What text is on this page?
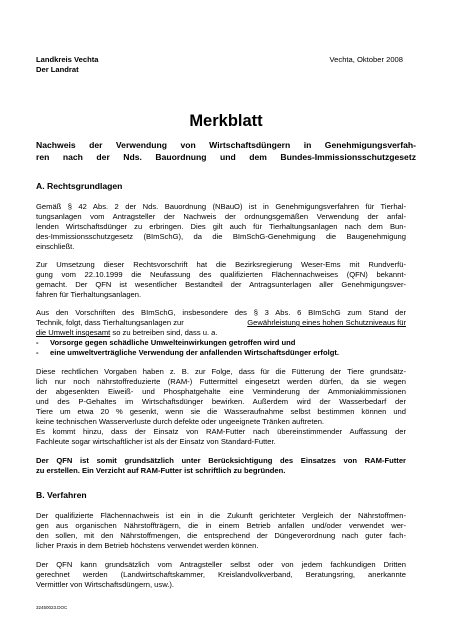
Landkreis Vechta
Der Landrat
Vechta, Oktober 2008
Merkblatt
Nachweis der Verwendung von Wirtschaftsdüngern in Genehmigungsverfah-
ren nach der Nds. Bauordnung und dem Bundes-Immissionsschutzgesetz
A. Rechtsgrundlagen
Gemäß § 42 Abs. 2 der Nds. Bauordnung (NBauO) ist in Genehmigungsverfahren für Tierhal-
tungsanlagen vom Antragsteller der Nachweis der ordnungsgemäßen Verwendung der anfal-
lenden Wirtschaftsdünger zu erbringen. Dies gilt auch für Tierhaltungsanlagen nach dem Bun-
des-Immissionsschutzgesetz (BImSchG), da die BImSchG-Genehmigung die Baugenehmigung
einschließt.
Zur Umsetzung dieser Rechtsvorschrift hat die Bezirksregierung Weser-Ems mit Rundverfü-
gung vom 22.10.1999 die Neufassung des qualifizierten Flächennachweises (QFN) bekannt-
gemacht. Der QFN ist wesentlicher Bestandteil der Antragsunterlagen aller Genehmigungsver-
fahren für Tierhaltungsanlagen.
Aus den Vorschriften des BImSchG, insbesondere des § 3 Abs. 6 BImSchG zum Stand der
Technik, folgt, dass Tierhaltungsanlagen zur	Gewährleistung eines hohen Schutzniveaus für
die Umwelt insgesamt so zu betreiben sind, dass u. a.
- Vorsorge gegen schädliche Umwelteinwirkungen getroffen wird und
- eine umweltverträgliche Verwendung der anfallenden Wirtschaftsdünger erfolgt.
Diese rechtlichen Vorgaben haben z. B. zur Folge, dass für die Fütterung der Tiere grundsätz-
lich nur noch nährstoffreduzierte (RAM-) Futtermittel eingesetzt werden dürfen, da sie wegen
der abgesenkten Eiweiß- und Phosphatgehalte eine Verminderung der Ammoniakimmissionen
und des P-Gehaltes im Wirtschaftsdünger bewirken. Außerdem wird der Wasserbedarf der
Tiere um etwa 20 % gesenkt, wenn sie die Wasseraufnahme selbst bestimmen können und
keine technischen Wasserverluste durch defekte oder ungeeignete Tränken auftreten.
Es kommt hinzu, dass der Einsatz von RAM-Futter nach übereinstimmender Auffassung der
Fachleute sogar wirtschaftlicher ist als der Einsatz von Standard-Futter.
Der QFN ist somit grundsätzlich unter Berücksichtigung des Einsatzes von RAM-Futter
zu erstellen. Ein Verzicht auf RAM-Futter ist schriftlich zu begründen.
B. Verfahren
Der qualifizierte Flächennachweis ist ein in die Zukunft gerichteter Vergleich der Nährstoffmen-
gen aus organischen Nährstoffträgern, die in einem Betrieb anfallen und/oder verwendet wer-
den sollen, mit den Nährstoffmengen, die entsprechend der Düngeverordnung nach guter fach-
licher Praxis in dem Betrieb höchstens verwendet werden können.
Der QFN kann grundsätzlich vom Antragsteller selbst oder von jedem fachkundigen Dritten
gerechnet werden (Landwirtschaftskammer, Kreislandvolkverband, Beratungsring, anerkannte
Vermittler von Wirtschaftsdüngern, usw.).
32450023.DOC
